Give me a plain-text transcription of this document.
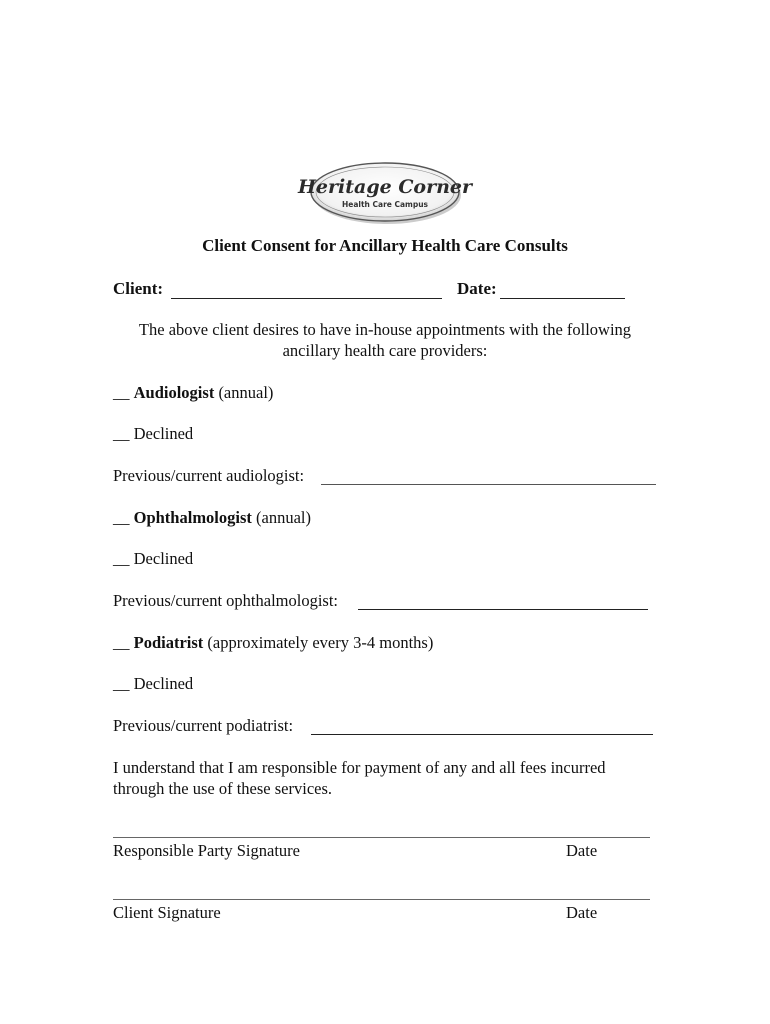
Heritage Corner
Health Care Campus
Client Consent for Ancillary Health Care Consults
Client:	Date:
The above client desires to have in-house appointments with the following
ancillary health care providers:
__ Audiologist (annual)
__ Declined
Previous/current audiologist:
__ Ophthalmologist (annual)
__ Declined
Previous/current ophthalmologist:
__ Podiatrist (approximately every 3-4 months)
__ Declined
Previous/current podiatrist:
I understand that I am responsible for payment of any and all fees incurred
through the use of these services.
Responsible Party Signature	Date
Client Signature	Date
